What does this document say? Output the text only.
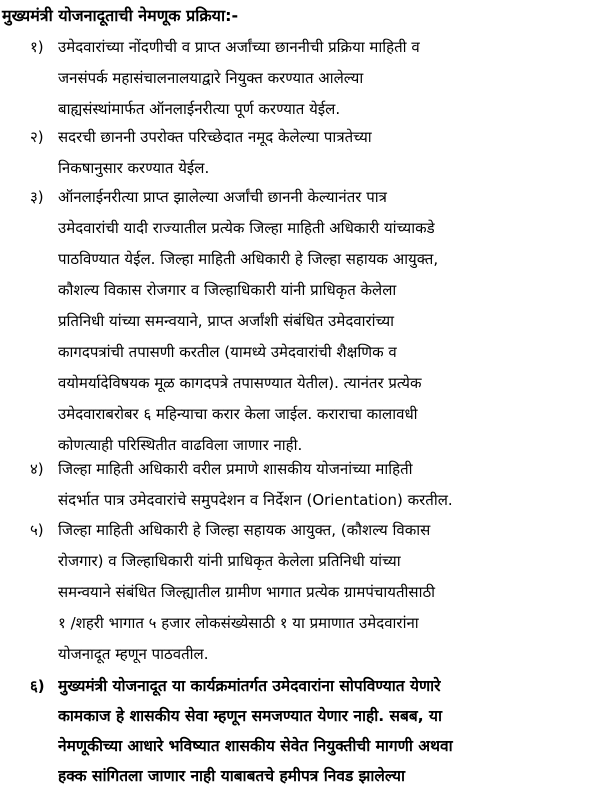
मुख्यमंत्री योजनादूताची नेमणूक प्रक्रिया:-
१) उमेदवारांच्या नोंदणीची व प्राप्त अर्जांच्या छाननीची प्रक्रिया माहिती व
जनसंपर्क महासंचालनालयाद्वारे नियुक्त करण्यात आलेल्या
बाह्यसंस्थांमार्फत ऑनलाईनरीत्या पूर्ण करण्यात येईल.
२) सदरची छाननी उपरोक्त परिच्छेदात नमूद केलेल्या पात्रतेच्या
निकषानुसार करण्यात येईल.
३) ऑनलाईनरीत्या प्राप्त झालेल्या अर्जांची छाननी केल्यानंतर पात्र
उमेदवारांची यादी राज्यातील प्रत्येक जिल्हा माहिती अधिकारी यांच्याकडे
पाठविण्यात येईल. जिल्हा माहिती अधिकारी हे जिल्हा सहायक आयुक्त,
कौशल्य विकास रोजगार व जिल्हाधिकारी यांनी प्राधिकृत केलेला
प्रतिनिधी यांच्या समन्वयाने, प्राप्त अर्जांशी संबंधित उमेदवारांच्या
कागदपत्रांची तपासणी करतील (यामध्ये उमेदवारांची शैक्षणिक व
वयोमर्यादेविषयक मूळ कागदपत्रे तपासण्यात येतील). त्यानंतर प्रत्येक
उमेदवाराबरोबर ६ महिन्याचा करार केला जाईल. कराराचा कालावधी
कोणत्याही परिस्थितीत वाढविला जाणार नाही.
४) जिल्हा माहिती अधिकारी वरील प्रमाणे शासकीय योजनांच्या माहिती
संदर्भात पात्र उमेदवारांचे समुपदेशन व निर्देशन (Orientation) करतील.
५) जिल्हा माहिती अधिकारी हे जिल्हा सहायक आयुक्त, (कौशल्य विकास
रोजगार) व जिल्हाधिकारी यांनी प्राधिकृत केलेला प्रतिनिधी यांच्या
समन्वयाने संबंधित जिल्ह्यातील ग्रामीण भागात प्रत्येक ग्रामपंचायतीसाठी
१ /शहरी भागात ५ हजार लोकसंख्येसाठी १ या प्रमाणात उमेदवारांना
योजनादूत म्हणून पाठवतील.
६) मुख्यमंत्री योजनादूत या कार्यक्रमांतर्गत उमेदवारांना सोपविण्यात येणारे
कामकाज हे शासकीय सेवा म्हणून समजण्यात येणार नाही. सबब, या
नेमणूकीच्या आधारे भविष्यात शासकीय सेवेत नियुक्तीची मागणी अथवा
हक्क सांगितला जाणार नाही याबाबतचे हमीपत्र निवड झालेल्या
